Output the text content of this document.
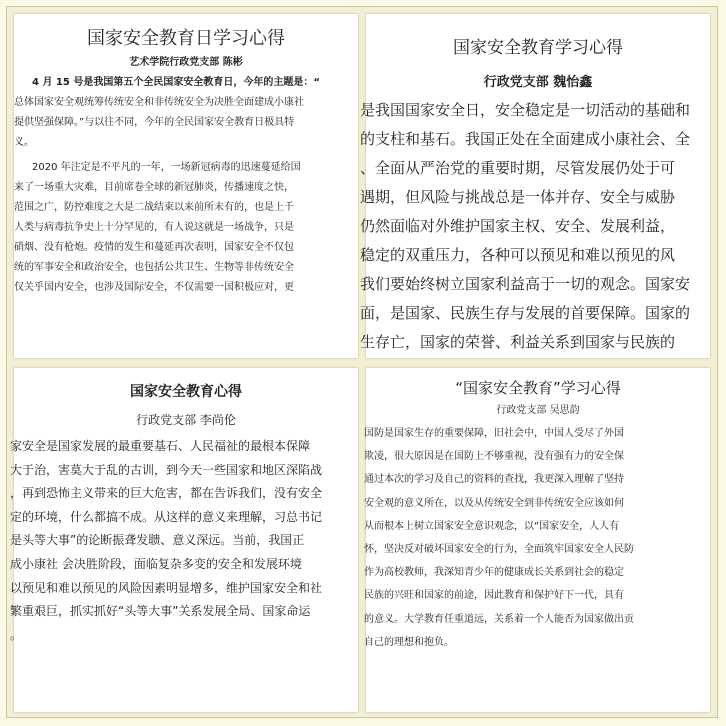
国家安全教育日学习心得
艺术学院行政党支部 陈彬
4 月 15 号是我国第五个全民国家安全教育日，今年的主题是：“
总体国家安全观统筹传统安全和非传统安全为决胜全面建成小康社
提供坚强保障。”与以往不同，今年的全民国家安全教育日极具特
义。
2020 年注定是不平凡的一年，一场新冠病毒的迅速蔓延给国
来了一场重大灾难，目前席卷全球的新冠肺炎，传播速度之快，
范围之广，防控难度之大是二战结束以来前所未有的，也是上千
人类与病毒抗争史上十分罕见的，有人说这就是一场战争，只是
硝烟、没有枪炮。疫情的发生和蔓延再次表明，国家安全不仅包
统的军事安全和政治安全，也包括公共卫生、生物等非传统安全
仅关乎国内安全，也涉及国际安全，不仅需要一国积极应对，更
国家安全教育学习心得
行政党支部 魏怡鑫
是我国国家安全日，安全稳定是一切活动的基础和
的支柱和基石。我国正处在全面建成小康社会、全
、全面从严治党的重要时期，尽管发展仍处于可
遇期，但风险与挑战总是一体并存、安全与威胁
仍然面临对外维护国家主权、安全、发展利益，
稳定的双重压力，各种可以预见和难以预见的风
我们要始终树立国家利益高于一切的观念。国家安
面，是国家、民族生存与发展的首要保障。国家的
生存亡，国家的荣誉、利益关系到国家与民族的
国家安全教育心得
行政党支部 李尚伦
家安全是国家发展的最重要基石、人民福祉的最根本保障
大于治，害莫大于乱的古训，到今天一些国家和地区深陷战
，再到恐怖主义带来的巨大危害，都在告诉我们，没有安全
定的环境，什么都搞不成。从这样的意义来理解，习总书记
是头等大事”的论断振聋发聩、意义深远。当前，我国正
成小康社 会决胜阶段，面临复杂多变的安全和发展环境
以预见和难以预见的风险因素明显增多，维护国家安全和社
繁重艰巨，抓实抓好“头等大事”关系发展全局、国家命运
。
“国家安全教育”学习心得
行政党支部 吴思韵
国防是国家生存的重要保障，旧社会中，中国人受尽了外国
欺凌，很大原因是在国防上不够重视，没有强有力的安全保
通过本次的学习及自己的资料的查找，我更深入理解了坚持
安全观的意义所在，以及从传统安全到非传统安全应该如何
从而根本上树立国家安全意识观念，以“国家安全，人人有
怀，坚决反对破坏国家安全的行为，全面筑牢国家安全人民防
作为高校教师，我深知青少年的健康成长关系到社会的稳定
民族的兴旺和国家的前途，因此教育和保护好下一代，具有
的意义。大学教育任重道远，关系着一个人能否为国家做出贡
自己的理想和抱负。
